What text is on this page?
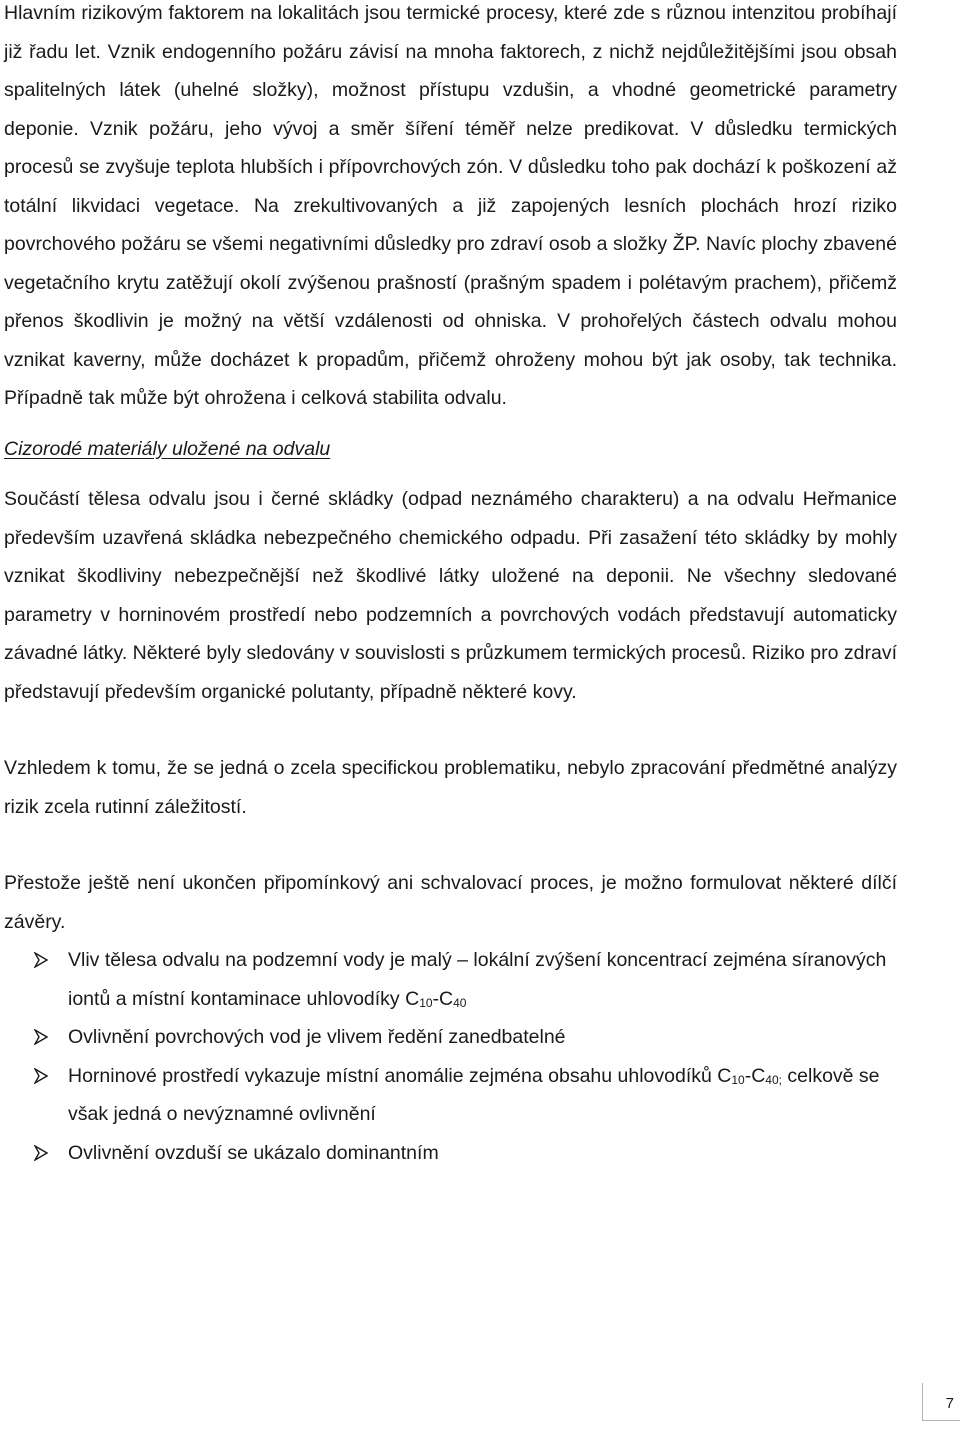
Hlavním rizikovým faktorem na lokalitách jsou termické procesy, které zde s různou intenzitou probíhají již řadu let. Vznik endogenního požáru závisí na mnoha faktorech, z nichž nejdůležitějšími jsou obsah spalitelných látek (uhelné složky), možnost přístupu vzdušin, a vhodné geometrické parametry deponie. Vznik požáru, jeho vývoj a směr šíření téměř nelze predikovat. V důsledku termických procesů se zvyšuje teplota hlubších i přípovrchových zón. V důsledku toho pak dochází k poškození až totální likvidaci vegetace. Na zrekultivovaných a již zapojených lesních plochách hrozí riziko povrchového požáru se všemi negativními důsledky pro zdraví osob a složky ŽP. Navíc plochy zbavené vegetačního krytu zatěžují okolí zvýšenou prašností (prašným spadem i polétavým prachem), přičemž přenos škodlivin je možný na větší vzdálenosti od ohniska. V prohořelých částech odvalu mohou vznikat kaverny, může docházet k propadům, přičemž ohroženy mohou být jak osoby, tak technika. Případně tak může být ohrožena i celková stabilita odvalu.

Cizorodé materiály uložené na odvalu

Součástí tělesa odvalu jsou i černé skládky (odpad neznámého charakteru) a na odvalu Heřmanice především uzavřená skládka nebezpečného chemického odpadu. Při zasažení této skládky by mohly vznikat škodliviny nebezpečnější než škodlivé látky uložené na deponii. Ne všechny sledované parametry v horninovém prostředí nebo podzemních a povrchových vodách představují automaticky závadné látky. Některé byly sledovány v souvislosti s průzkumem termických procesů. Riziko pro zdraví představují především organické polutanty, případně některé kovy.

Vzhledem k tomu, že se jedná o zcela specifickou problematiku, nebylo zpracování předmětné analýzy rizik zcela rutinní záležitostí.

Přestože ještě není ukončen připomínkový ani schvalovací proces, je možno formulovat některé dílčí závěry.

Vliv tělesa odvalu na podzemní vody je malý – lokální zvýšení koncentrací zejména síranových iontů a místní kontaminace uhlovodíky $C_{10}-C_{40}$
Ovlivnění povrchových vod je vlivem ředění zanedbatelné
Horninové prostředí vykazuje místní anomálie zejména obsahu uhlovodíků $C_{10}-C_{40;}$ celkově se však jedná o nevýznamné ovlivnění
Ovlivnění ovzduší se ukázalo dominantním
7
